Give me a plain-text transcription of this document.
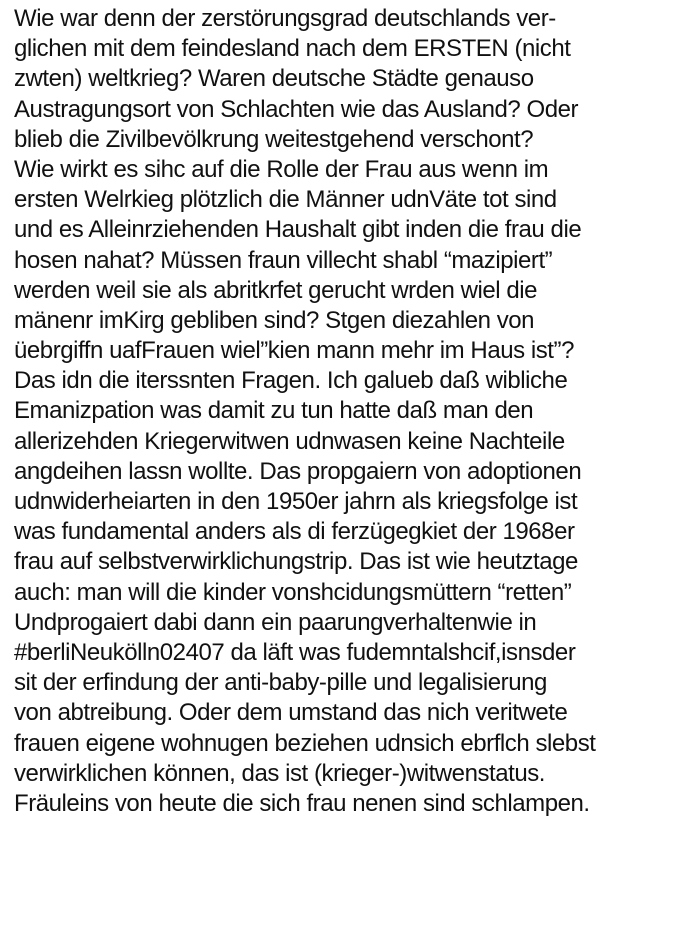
Wie war denn der zerstörungsgrad deutschlands ver-
glichen mit dem feindesland nach dem ERSTEN (nicht
zwten) weltkrieg? Waren deutsche Städte genauso
Austragungsort von Schlachten wie das Ausland? Oder
blieb die Zivilbevölkrung weitestgehend verschont?
Wie wirkt es sihc auf die Rolle der Frau aus wenn im
ersten Welrkieg plötzlich die Männer udnVäte tot sind
und es Alleinrziehenden Haushalt gibt inden die frau die
hosen nahat? Müssen fraun villecht shabl “mazipiert”
werden weil sie als abritkrfet gerucht wrden wiel die
mänenr imKirg gebliben sind? Stgen diezahlen von
üebrgiffn uafFrauen wiel”kien mann mehr im Haus ist”?
Das idn die iterssnten Fragen. Ich galueb daß wibliche
Emanizpation was damit zu tun hatte daß man den
allerizehden Kriegerwitwen udnwasen keine Nachteile
angdeihen lassn wollte. Das propgaiern von adoptionen
udnwiderheiarten in den 1950er jahrn als kriegsfolge ist
was fundamental anders als di ferzügegkiet der 1968er
frau auf selbstverwirklichungstrip. Das ist wie heutztage
auch: man will die kinder vonshcidungsmüttern “retten”
Undprogaiert dabi dann ein paarungverhaltenwie in
#berliNeukölln02407 da läft was fudemntalshcif,isnsder
sit der erfindung der anti-baby-pille und legalisierung
von abtreibung. Oder dem umstand das nich veritwete
frauen eigene wohnugen beziehen udnsich ebrflch slebst
verwirklichen können, das ist (krieger-)witwenstatus.
Fräuleins von heute die sich frau nenen sind schlampen.
